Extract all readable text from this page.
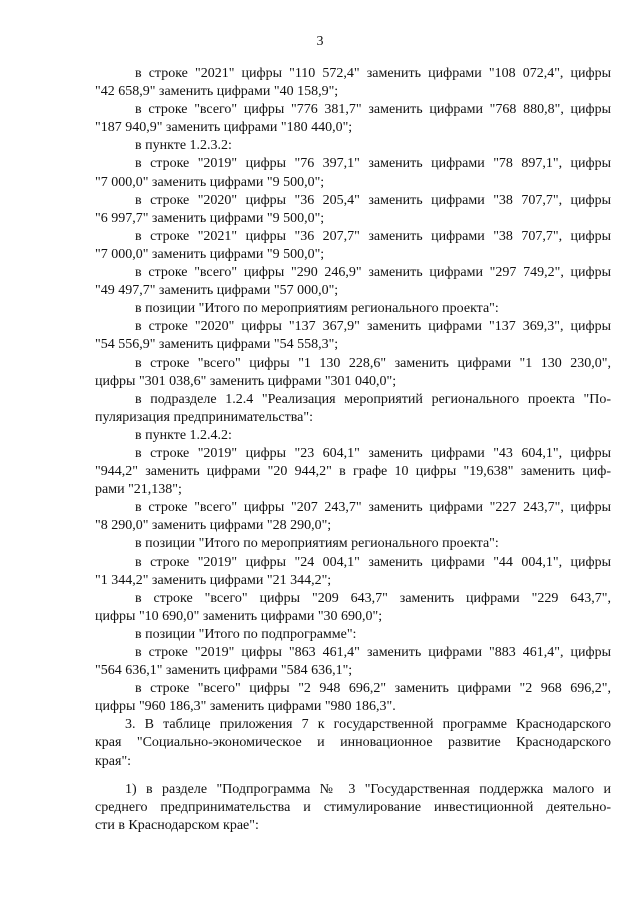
3
в строке "2021" цифры "110 572,4" заменить цифрами "108 072,4", цифры
"42 658,9" заменить цифрами "40 158,9";
в строке "всего" цифры "776 381,7" заменить цифрами "768 880,8", цифры
"187 940,9" заменить цифрами "180 440,0";
в пункте 1.2.3.2:
в строке "2019" цифры "76 397,1" заменить цифрами "78 897,1", цифры
"7 000,0" заменить цифрами "9 500,0";
в строке "2020" цифры "36 205,4" заменить цифрами "38 707,7", цифры
"6 997,7" заменить цифрами "9 500,0";
в строке "2021" цифры "36 207,7" заменить цифрами "38 707,7", цифры
"7 000,0" заменить цифрами "9 500,0";
в строке "всего" цифры "290 246,9" заменить цифрами "297 749,2", цифры
"49 497,7" заменить цифрами "57 000,0";
в позиции "Итого по мероприятиям регионального проекта":
в строке "2020" цифры "137 367,9" заменить цифрами "137 369,3", цифры
"54 556,9" заменить цифрами "54 558,3";
в строке "всего" цифры "1 130 228,6" заменить цифрами "1 130 230,0",
цифры "301 038,6" заменить цифрами "301 040,0";
в подразделе 1.2.4 "Реализация мероприятий регионального проекта "По-
пуляризация предпринимательства":
в пункте 1.2.4.2:
в строке "2019" цифры "23 604,1" заменить цифрами "43 604,1", цифры
"944,2" заменить цифрами "20 944,2" в графе 10 цифры "19,638" заменить циф-
рами "21,138";
в строке "всего" цифры "207 243,7" заменить цифрами "227 243,7", цифры
"8 290,0" заменить цифрами "28 290,0";
в позиции "Итого по мероприятиям регионального проекта":
в строке "2019" цифры "24 004,1" заменить цифрами "44 004,1", цифры
"1 344,2" заменить цифрами "21 344,2";
в строке "всего" цифры "209 643,7" заменить цифрами "229 643,7",
цифры "10 690,0" заменить цифрами "30 690,0";
в позиции "Итого по подпрограмме":
в строке "2019" цифры "863 461,4" заменить цифрами "883 461,4", цифры
"564 636,1" заменить цифрами "584 636,1";
в строке "всего" цифры "2 948 696,2" заменить цифрами "2 968 696,2",
цифры "960 186,3" заменить цифрами "980 186,3".
3. В таблице приложения 7 к государственной программе Краснодарского
края "Социально-экономическое и инновационное развитие Краснодарского
края":
1) в разделе "Подпрограмма № 3 "Государственная поддержка малого и
среднего предпринимательства и стимулирование инвестиционной деятельно-
сти в Краснодарском крае":
